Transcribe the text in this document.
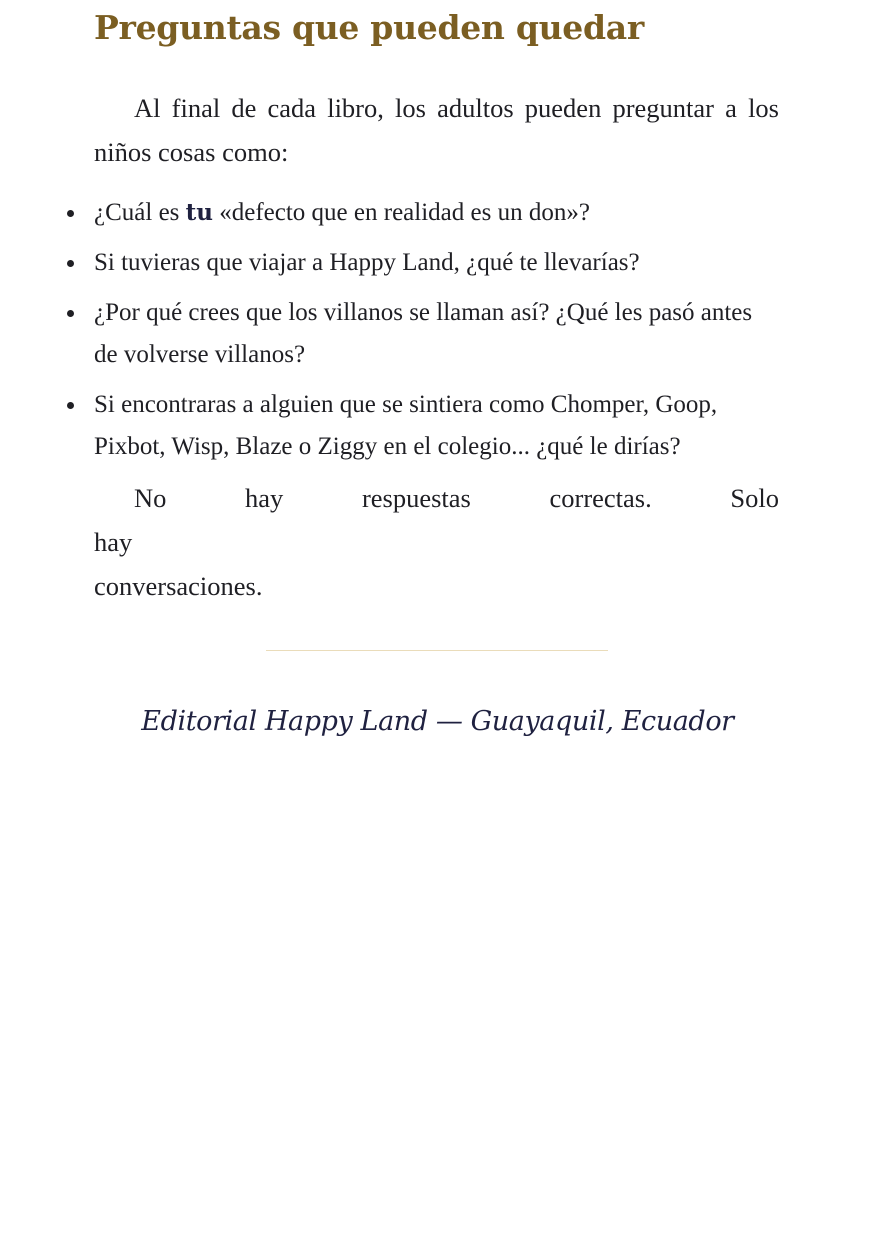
Preguntas que pueden quedar

Al final de cada libro, los adultos pueden preguntar a los niños cosas como:

¿Cuál es tu «defecto que en realidad es un don»?
Si tuvieras que viajar a Happy Land, ¿qué te llevarías?
¿Por qué crees que los villanos se llaman así? ¿Qué les pasó antes de volverse villanos?
Si encontraras a alguien que se sintiera como Chomper, Goop, Pixbot, Wisp, Blaze o Ziggy en el colegio... ¿qué le dirías?

No hay respuestas correctas. Solo hay
conversaciones.

Editorial Happy Land — Guayaquil, Ecuador
